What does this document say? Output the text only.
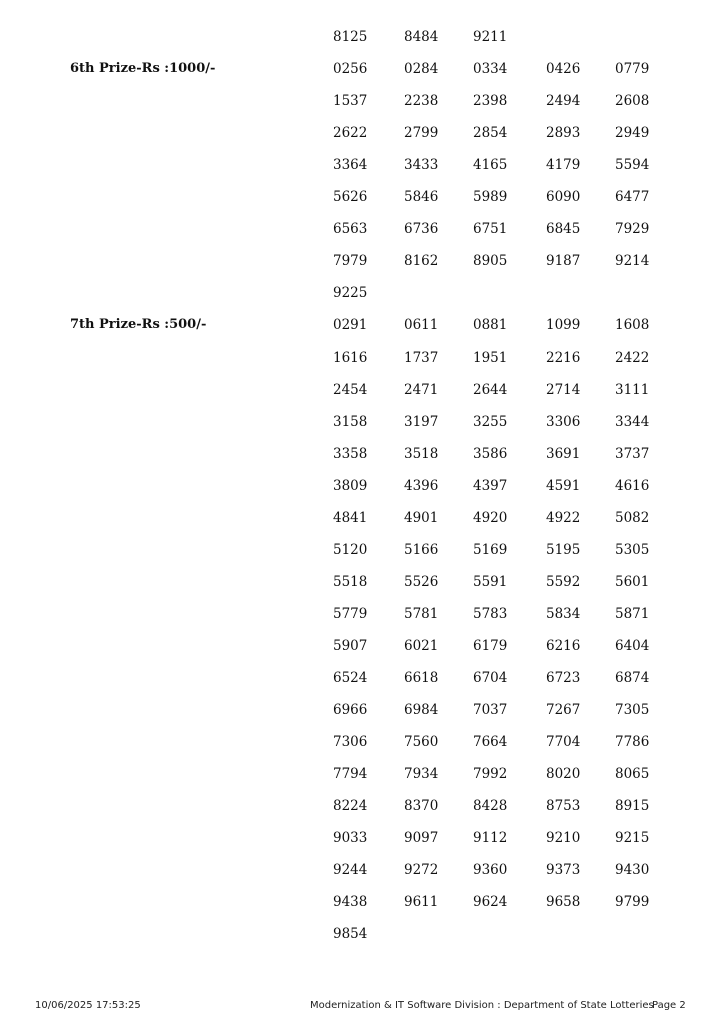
8125	8484	9211
6th Prize-Rs :1000/-	0256	0284	0334	0426	0779
1537	2238	2398	2494	2608
2622	2799	2854	2893	2949
3364	3433	4165	4179	5594
5626	5846	5989	6090	6477
6563	6736	6751	6845	7929
7979	8162	8905	9187	9214
9225
7th Prize-Rs :500/-	0291	0611	0881	1099	1608
1616	1737	1951	2216	2422
2454	2471	2644	2714	3111
3158	3197	3255	3306	3344
3358	3518	3586	3691	3737
3809	4396	4397	4591	4616
4841	4901	4920	4922	5082
5120	5166	5169	5195	5305
5518	5526	5591	5592	5601
5779	5781	5783	5834	5871
5907	6021	6179	6216	6404
6524	6618	6704	6723	6874
6966	6984	7037	7267	7305
7306	7560	7664	7704	7786
7794	7934	7992	8020	8065
8224	8370	8428	8753	8915
9033	9097	9112	9210	9215
9244	9272	9360	9373	9430
9438	9611	9624	9658	9799
9854
10/06/2025 17:53:25	Modernization & IT Software Division : Department of State Lotteries
Page 2
